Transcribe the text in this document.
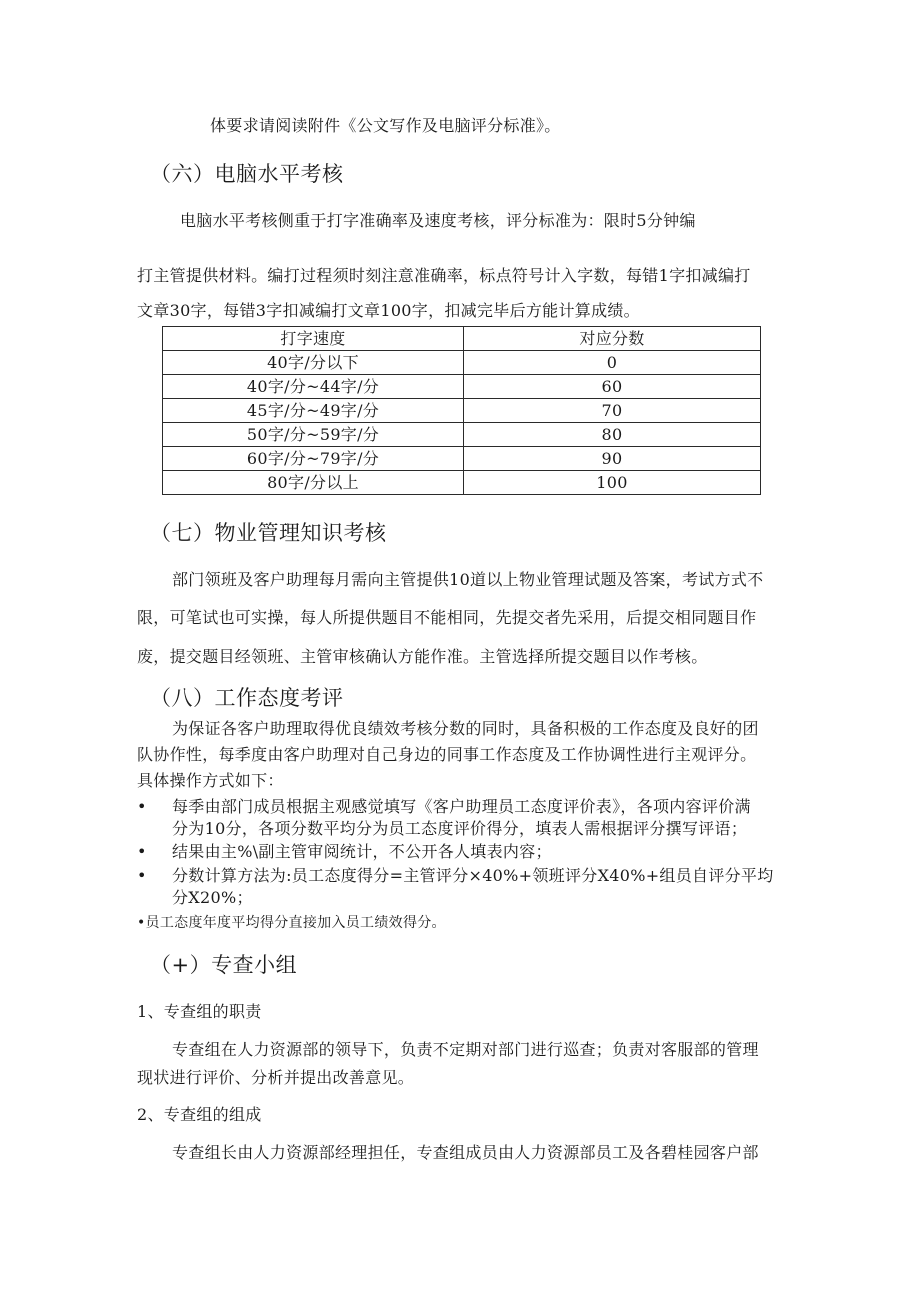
体要求请阅读附件《公文写作及电脑评分标准》。
（六）电脑水平考核
电脑水平考核侧重于打字准确率及速度考核，评分标准为：限时5分钟编
打主管提供材料。编打过程须时刻注意准确率，标点符号计入字数，每错1字扣减编打
文章30字，每错3字扣减编打文章100字，扣减完毕后方能计算成绩。
打字速度	对应分数
40字/分以下	0
40字/分~44字/分	60
45字/分~49字/分	70
50字/分~59字/分	80
60字/分~79字/分	90
80字/分以上	100
（七）物业管理知识考核
部门领班及客户助理每月需向主管提供10道以上物业管理试题及答案，考试方式不
限，可笔试也可实操，每人所提供题目不能相同，先提交者先采用，后提交相同题目作
废，提交题目经领班、主管审核确认方能作准。主管选择所提交题目以作考核。
（八）工作态度考评
为保证各客户助理取得优良绩效考核分数的同时，具备积极的工作态度及良好的团
队协作性，每季度由客户助理对自己身边的同事工作态度及工作协调性进行主观评分。
具体操作方式如下：
• 每季由部门成员根据主观感觉填写《客户助理员工态度评价表》，各项内容评价满
分为10分，各项分数平均分为员工态度评价得分，填表人需根据评分撰写评语；
• 结果由主%\副主管审阅统计，不公开各人填表内容；
• 分数计算方法为:员工态度得分=主管评分×40%+领班评分X40%+组员自评分平均
分X20%；
•员工态度年度平均得分直接加入员工绩效得分。
（+）专查小组
1、专查组的职责
专查组在人力资源部的领导下，负责不定期对部门进行巡查；负责对客服部的管理
现状进行评价、分析并提出改善意见。
2、专查组的组成
专查组长由人力资源部经理担任，专查组成员由人力资源部员工及各碧桂园客户部
